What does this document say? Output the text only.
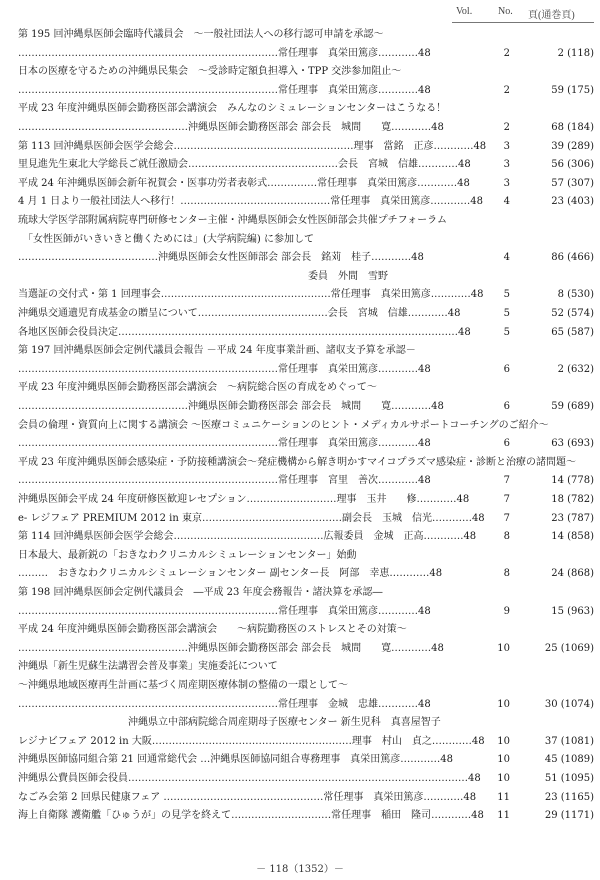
Vol.	No. 頁(通巻頁)
第 195 回沖縄県医師会臨時代議員会　～一般社団法人への移行認可申請を承認～
……………………………………………………………………常任理事　真栄田篤彦…………48	2	2 (118)
日本の医療を守るための沖縄県民集会　～受診時定額負担導入・TPP 交渉参加阻止～
……………………………………………………………………常任理事　真栄田篤彦…………48	2	59 (175)
平成 23 年度沖縄県医師会勤務医部会講演会　みんなのシミュレーションセンターはこうなる！
……………………………………………沖縄県医師会勤務医部会 部会長　城間　　寛…………48	2	68 (184)
第 113 回沖縄県医師会医学会総会………………………………………………理事　當銘　正彦…………48	3	39 (289)
里見進先生東北大学総長ご就任激励会………………………………………会長　宮城　信雄…………48	3	56 (306)
平成 24 年沖縄県医師会新年祝賀会・医事功労者表彰式……………常任理事　真栄田篤彦…………48	3	57 (307)
4 月 1 日より一般社団法人へ移行！………………………………………常任理事　真栄田篤彦…………48	4	23 (403)
琉球大学医学部附属病院専門研修センター主催・沖縄県医師会女性医師部会共催プチフォーラム
　「女性医師がいきいきと働くためには」(大学病院編) に参加して
……………………………………沖縄県医師会女性医師部会 部会長　銘苅　桂子…………48	4	86 (466)
　　　　　　　　　　　　　　　　　　　　　　　　　　　　　委員　外間　雪野
当選証の交付式・第 1 回理事会……………………………………………常任理事　真栄田篤彦…………48	5	8 (530)
沖縄県交通遺児育成基金の贈呈について…………………………………会長　宮城　信雄…………48	5	52 (574)
各地区医師会役員決定…………………………………………………………………………………………48	5	65 (587)
第 197 回沖縄県医師会定例代議員会報告 －平成 24 年度事業計画、諸収支予算を承認－
……………………………………………………………………常任理事　真栄田篤彦…………48	6	2 (632)
平成 23 年度沖縄県医師会勤務医部会講演会　～病院総合医の育成をめぐって～
……………………………………………沖縄県医師会勤務医部会 部会長　城間　　寛…………48	6	59 (689)
会員の倫理・資質向上に関する講演会 ～医療コミュニケーションのヒント・メディカルサポートコーチングのご紹介～
……………………………………………………………………常任理事　真栄田篤彦…………48	6	63 (693)
平成 23 年度沖縄県医師会感染症・予防接種講演会～発症機構から解き明かすマイコプラズマ感染症・診断と治療の諸問題～
……………………………………………………………………常任理事　宮里　善次…………48	7	14 (778)
沖縄県医師会平成 24 年度研修医歓迎レセプション………………………理事　玉井　　修…………48	7	18 (782)
e- レジフェア PREMIUM 2012 in 東京……………………………………副会長　玉城　信光…………48	7	23 (787)
第 114 回沖縄県医師会医学会総会………………………………………広報委員　金城　正高…………48	8	14 (858)
日本最大、最新鋭の「おきなわクリニカルシミュレーションセンター」始動
………　おきなわクリニカルシミュレーションセンター 副センター長　阿部　幸恵…………48	8	24 (868)
第 198 回沖縄県医師会定例代議員会　―平成 23 年度会務報告・諸決算を承認―
……………………………………………………………………常任理事　真栄田篤彦…………48	9	15 (963)
平成 24 年度沖縄県医師会勤務医部会講演会　　～病院勤務医のストレスとその対策～
……………………………………………沖縄県医師会勤務医部会 部会長　城間　　寛…………48	10	25 (1069)
沖縄県「新生児蘇生法講習会普及事業」実施委託について
～沖縄県地域医療再生計画に基づく周産期医療体制の整備の一環として～
……………………………………………………………………常任理事　金城　忠雄…………48	10	30 (1074)
　　　　　　　　　　　沖縄県立中部病院総合周産期母子医療センター 新生児科　真喜屋智子
レジナビフェア 2012 in 大阪……………………………………………………理事　村山　貞之…………48 10	37 (1081)
沖縄県医師協同組合第 21 回通常総代会 …沖縄県医師協同組合専務理事　真栄田篤彦…………48	10	45 (1089)
沖縄県公費員医師会役員…………………………………………………………………………………………48 10	51 (1095)
なごみ会第 2 回県民健康フェア …………………………………………常任理事　真栄田篤彦…………48 11	23 (1165)
海上自衛隊 護衛艦「ひゅうが」の見学を終えて…………………………常任理事　稲田　隆司…………48 11	29 (1171)
－ 118（1352）－
